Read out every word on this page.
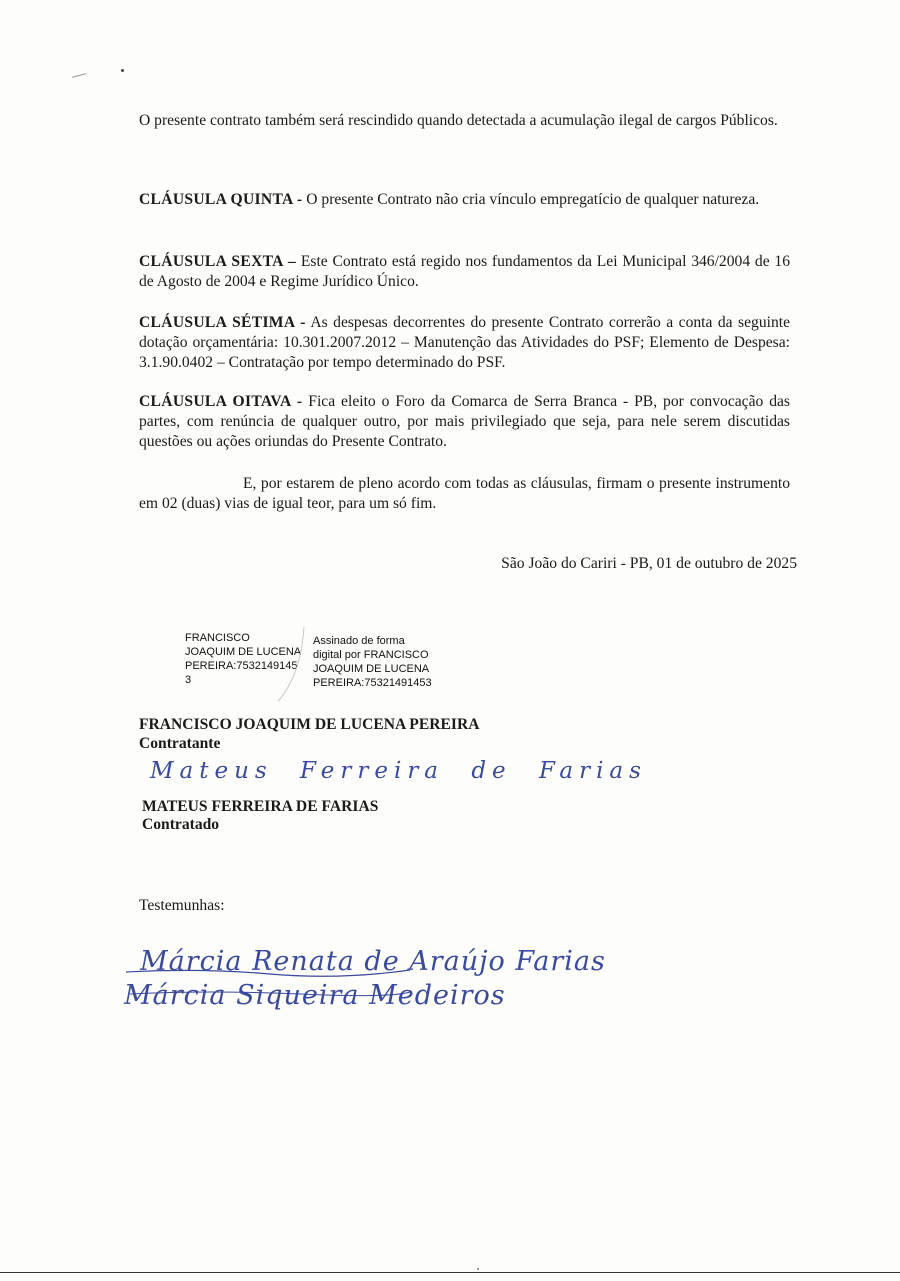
O presente contrato também será rescindido quando detectada a acumulação ilegal de cargos Públicos.

CLÁUSULA QUINTA - O presente Contrato não cria vínculo empregatício de qualquer natureza.

CLÁUSULA SEXTA – Este Contrato está regido nos fundamentos da Lei Municipal 346/2004 de 16 de Agosto de 2004 e Regime Jurídico Único.

CLÁUSULA SÉTIMA - As despesas decorrentes do presente Contrato correrão a conta da seguinte dotação orçamentária: 10.301.2007.2012 – Manutenção das Atividades do PSF; Elemento de Despesa: 3.1.90.0402 – Contratação por tempo determinado do PSF.

CLÁUSULA OITAVA - Fica eleito o Foro da Comarca de Serra Branca - PB, por convocação das partes, com renúncia de qualquer outro, por mais privilegiado que seja, para nele serem discutidas questões ou ações oriundas do Presente Contrato.

E, por estarem de pleno acordo com todas as cláusulas, firmam o presente instrumento em 02 (duas) vias de igual teor, para um só fim.

São João do Cariri - PB, 01 de outubro de 2025
FRANCISCO
JOAQUIM DE LUCENA
PEREIRA:7532149145
3
Assinado de forma
digital por FRANCISCO
JOAQUIM DE LUCENA
PEREIRA:75321491453
FRANCISCO JOAQUIM DE LUCENA PEREIRA
Contratante
Mateus Ferreira de Farias
MATEUS FERREIRA DE FARIAS
Contratado
Testemunhas:
Márcia Renata de Araújo Farias
Márcia Siqueira Medeiros
